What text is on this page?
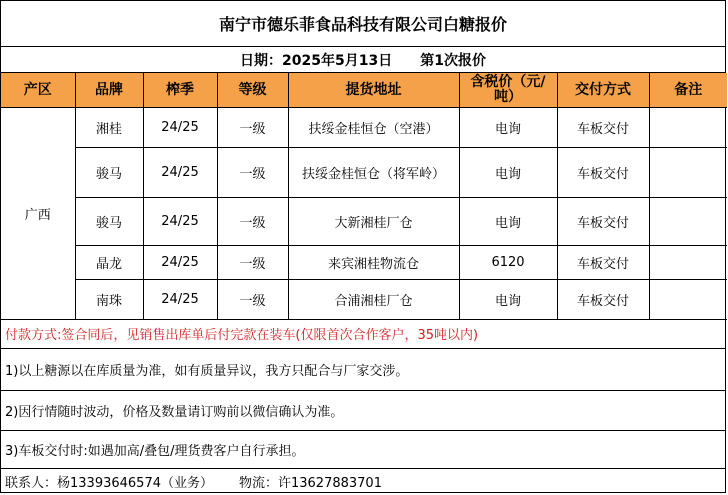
南宁市德乐菲食品科技有限公司白糖报价
日期：2025年5月13日 第1次报价
产区	品牌	榨季	等级	提货地址	含税价（元/吨）	交付方式	备注
广西	湘桂	24/25	一级	扶绥金桂恒仓（空港）	电询	车板交付	
	骏马	24/25	一级	扶绥金桂恒仓（将军岭）	电询	车板交付	
	骏马	24/25	一级	大新湘桂厂仓	电询	车板交付	
	晶龙	24/25	一级	来宾湘桂物流仓	6120	车板交付	
	南珠	24/25	一级	合浦湘桂厂仓	电询	车板交付	
付款方式:签合同后，见销售出库单后付完款在装车(仅限首次合作客户，35吨以内)
1)以上糖源以在库质量为准，如有质量异议，我方只配合与厂家交涉。
2)因行情随时波动，价格及数量请订购前以微信确认为准。
3)车板交付时:如遇加高/叠包/理货费客户自行承担。
联系人：杨13393646574（业务） 物流：许13627883701
